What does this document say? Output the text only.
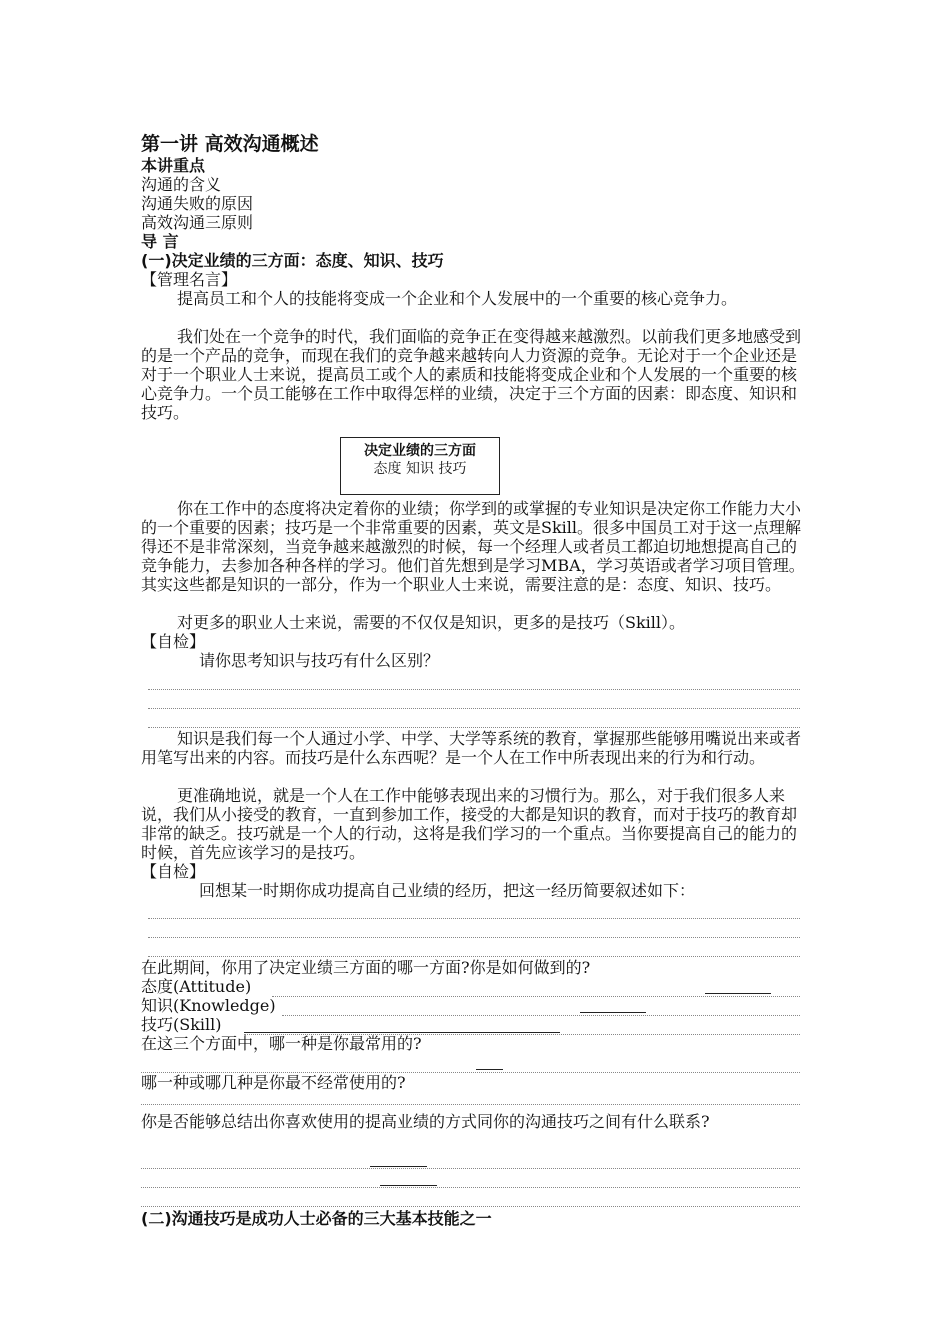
第一讲 高效沟通概述
本讲重点
沟通的含义
沟通失败的原因
高效沟通三原则
导 言
(一)决定业绩的三方面：态度、知识、技巧
【管理名言】
提高员工和个人的技能将变成一个企业和个人发展中的一个重要的核心竞争力。
我们处在一个竞争的时代，我们面临的竞争正在变得越来越激烈。以前我们更多地感受到的是一个产品的竞争，而现在我们的竞争越来越转向人力资源的竞争。无论对于一个企业还是对于一个职业人士来说，提高员工或个人的素质和技能将变成企业和个人发展的一个重要的核心竞争力。一个员工能够在工作中取得怎样的业绩，决定于三个方面的因素：即态度、知识和技巧。
决定业绩的三方面
态度 知识 技巧
你在工作中的态度将决定着你的业绩；你学到的或掌握的专业知识是决定你工作能力大小的一个重要的因素；技巧是一个非常重要的因素，英文是Skill。很多中国员工对于这一点理解得还不是非常深刻，当竞争越来越激烈的时候，每一个经理人或者员工都迫切地想提高自己的竞争能力，去参加各种各样的学习。他们首先想到是学习MBA，学习英语或者学习项目管理。其实这些都是知识的一部分，作为一个职业人士来说，需要注意的是：态度、知识、技巧。
对更多的职业人士来说，需要的不仅仅是知识，更多的是技巧（Skill）。
【自检】
请你思考知识与技巧有什么区别？
知识是我们每一个人通过小学、中学、大学等系统的教育，掌握那些能够用嘴说出来或者用笔写出来的内容。而技巧是什么东西呢？是一个人在工作中所表现出来的行为和行动。
更准确地说，就是一个人在工作中能够表现出来的习惯行为。那么，对于我们很多人来说，我们从小接受的教育，一直到参加工作，接受的大都是知识的教育，而对于技巧的教育却非常的缺乏。技巧就是一个人的行动，这将是我们学习的一个重点。当你要提高自己的能力的时候，首先应该学习的是技巧。
【自检】
回想某一时期你成功提高自己业绩的经历，把这一经历简要叙述如下：
在此期间，你用了决定业绩三方面的哪一方面?你是如何做到的?
态度(Attitude)
知识(Knowledge)
技巧(Skill)
在这三个方面中，哪一种是你最常用的?
哪一种或哪几种是你最不经常使用的?
你是否能够总结出你喜欢使用的提高业绩的方式同你的沟通技巧之间有什么联系?
(二)沟通技巧是成功人士必备的三大基本技能之一
